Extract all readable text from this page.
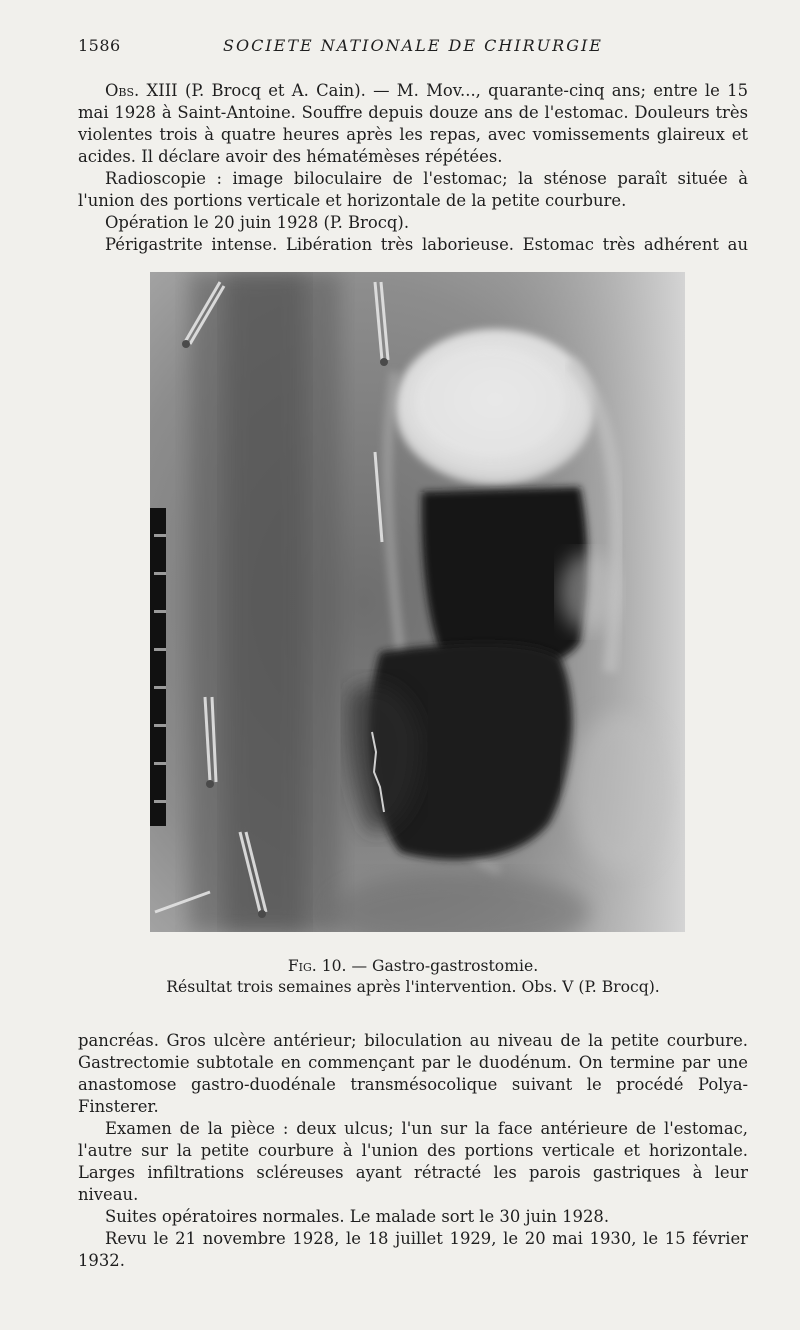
1586	SOCIETE NATIONALE DE CHIRURGIE

Obs. XIII (P. Brocq et A. Cain). — M. Mov..., quarante-cinq ans; entre le 15 mai 1928 à Saint-Antoine. Souffre depuis douze ans de l'estomac. Douleurs très violentes trois à quatre heures après les repas, avec vomissements glaireux et acides. Il déclare avoir des hématémèses répétées.

Radioscopie : image biloculaire de l'estomac; la sténose paraît située à l'union des portions verticale et horizontale de la petite courbure.

Opération le 20 juin 1928 (P. Brocq).

Périgastrite intense. Libération très laborieuse. Estomac très adhérent au

Fig. 10. — Gastro-gastrostomie.
Résultat trois semaines après l'intervention. Obs. V (P. Brocq).

pancréas. Gros ulcère antérieur; biloculation au niveau de la petite courbure. Gastrectomie subtotale en commençant par le duodénum. On termine par une anastomose gastro-duodénale transmésocolique suivant le procédé Polya-Finsterer.

Examen de la pièce : deux ulcus; l'un sur la face antérieure de l'estomac, l'autre sur la petite courbure à l'union des portions verticale et horizontale. Larges infiltrations scléreuses ayant rétracté les parois gastriques à leur niveau.

Suites opératoires normales. Le malade sort le 30 juin 1928.

Revu le 21 novembre 1928, le 18 juillet 1929, le 20 mai 1930, le 15 février 1932.
